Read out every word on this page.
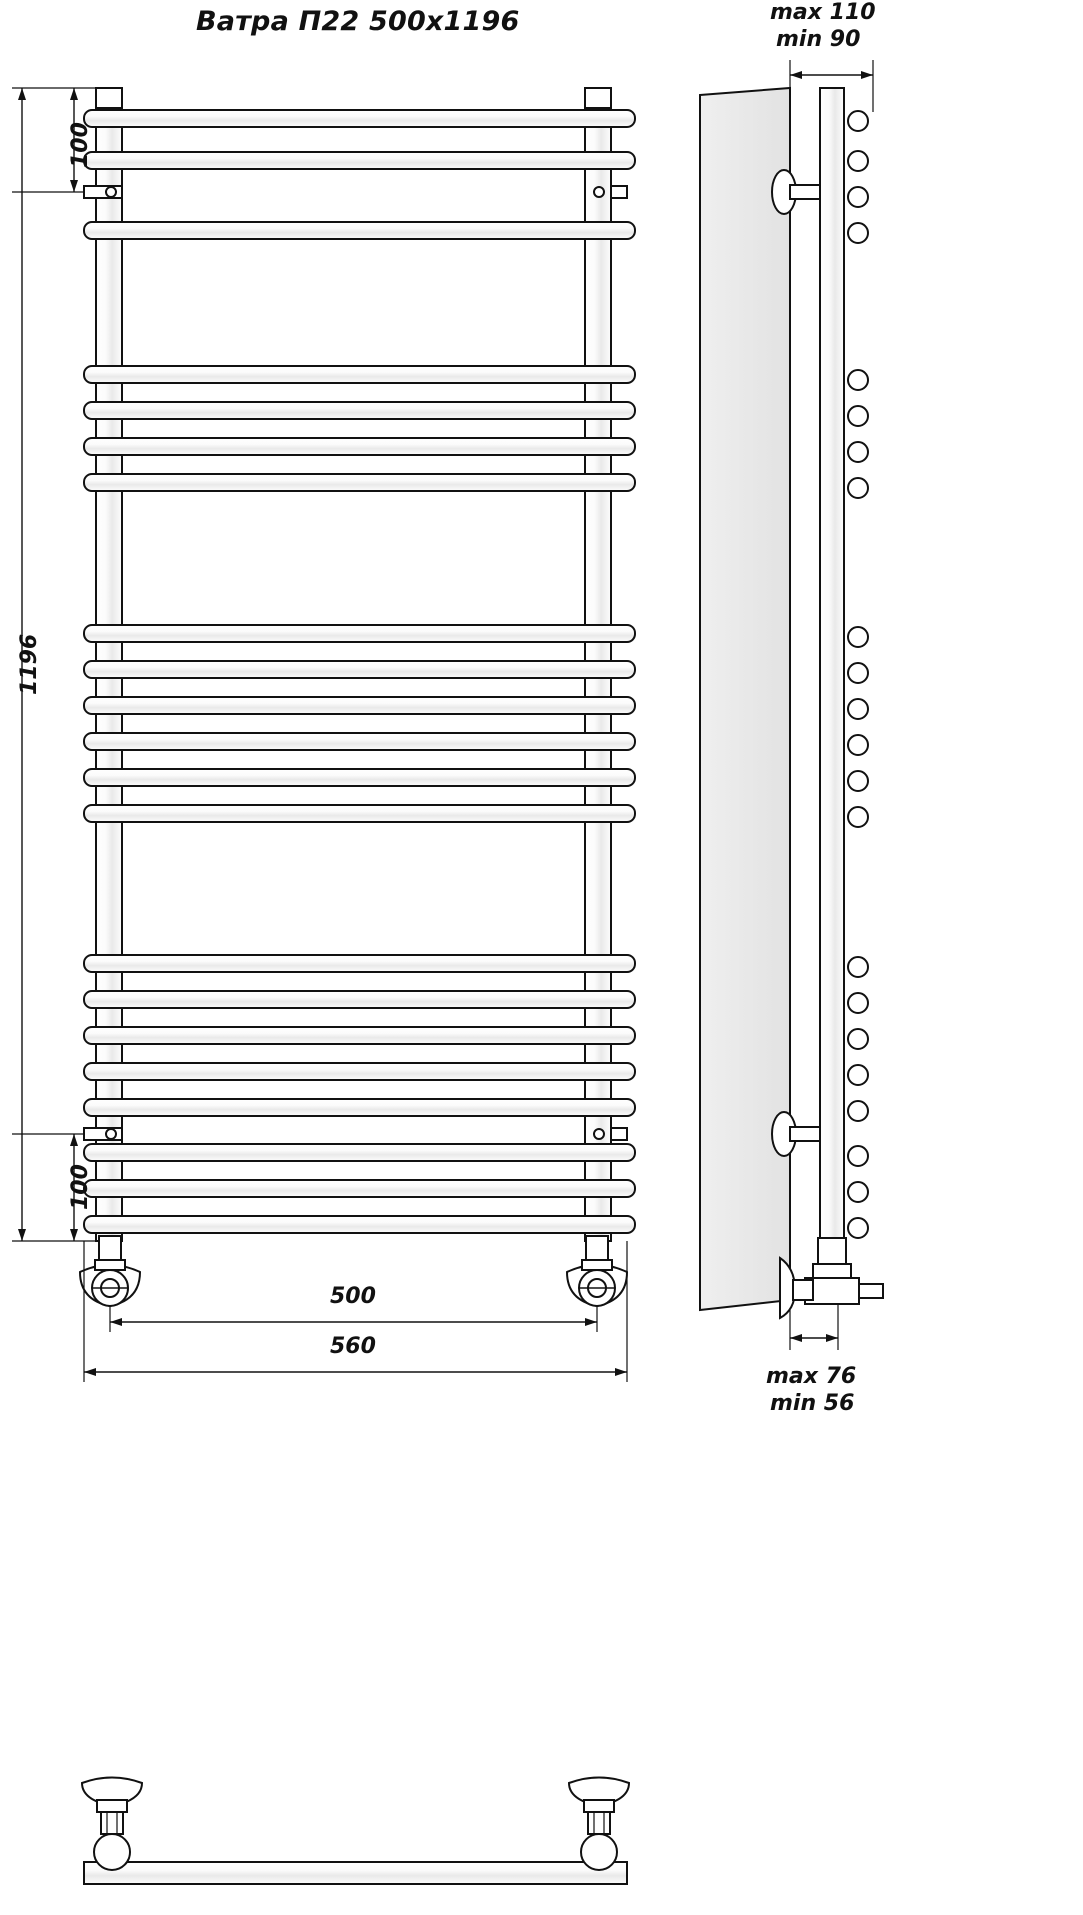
Ватра П22 500х1196
100
100
1196
500
560
max 110
min 90
max 76
min 56
